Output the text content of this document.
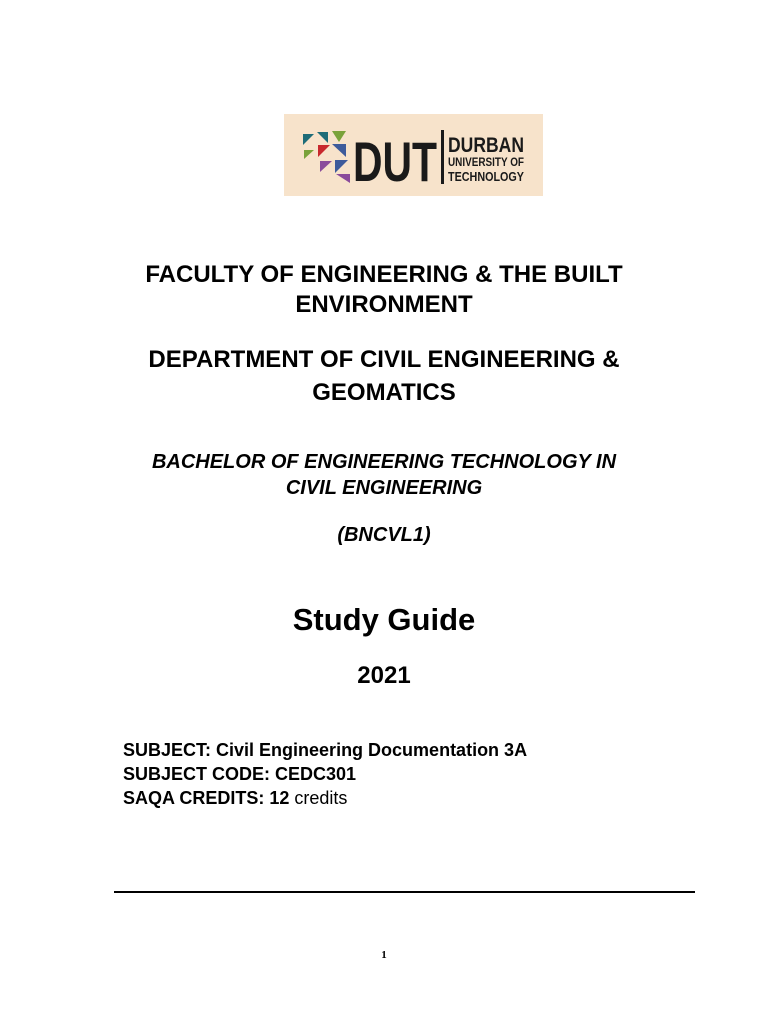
DUT DURBAN
UNIVERSITY OF
TECHNOLOGY
FACULTY OF ENGINEERING & THE BUILT
ENVIRONMENT
DEPARTMENT OF CIVIL ENGINEERING &
GEOMATICS
BACHELOR OF ENGINEERING TECHNOLOGY IN
CIVIL ENGINEERING
(BNCVL1)
Study Guide
2021
SUBJECT: Civil Engineering Documentation 3A
SUBJECT CODE: CEDC301
SAQA CREDITS: 12 credits
1
